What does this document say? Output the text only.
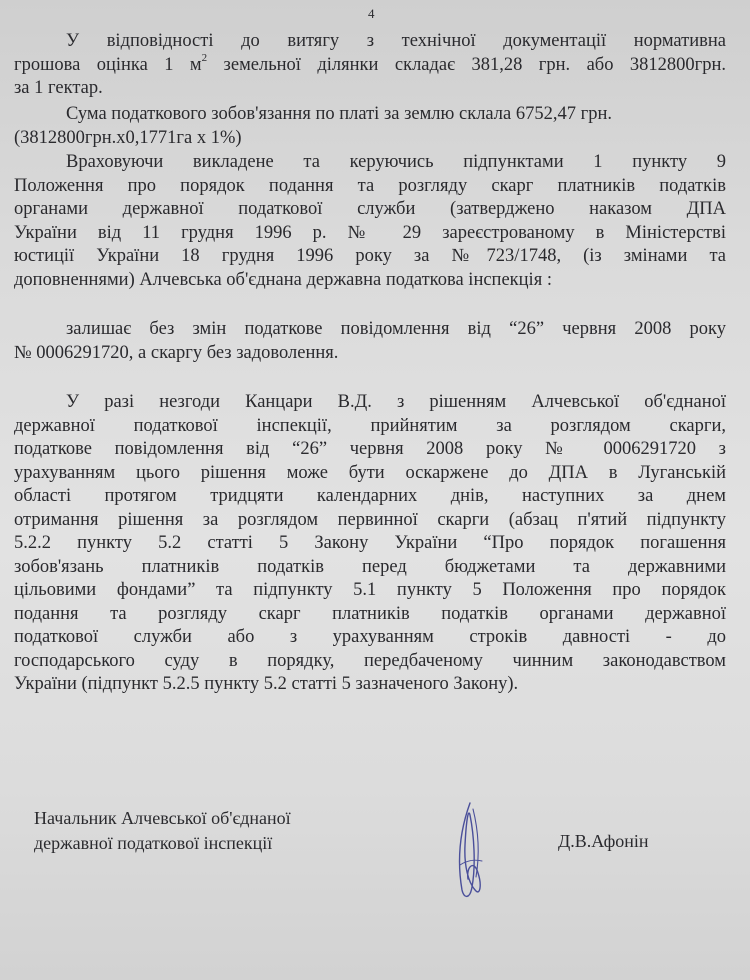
4
У відповідності до витягу з технічної документації нормативна
грошова оцінка 1 $м^2$ земельної ділянки складає 381,28 грн. або 3812800грн.
за 1 гектар.
Сума податкового зобов'язання по платі за землю склала 6752,47 грн.
(3812800грн.х0,1771га х 1%)
Враховуючи викладене та керуючись підпунктами 1 пункту 9
Положення про порядок подання та розгляду скарг платників податків
органами державної податкової служби (затверджено наказом ДПА
України від 11 грудня 1996 р. № 29 зареєстрованому в Міністерстві
юстиції України 18 грудня 1996 року за №723/1748, (із змінами та
доповненнями) Алчевська об'єднана державна податкова інспекція :
залишає без змін податкове повідомлення від “26” червня 2008 року
№ 0006291720, а скаргу без задоволення.
У разі незгоди Канцари В.Д. з рішенням Алчевської об'єднаної
державної податкової інспекції, прийнятим за розглядом скарги,
податкове повідомлення від “26” червня 2008 року № 0006291720 з
урахуванням цього рішення може бути оскаржене до ДПА в Луганській
області протягом тридцяти календарних днів, наступних за днем
отримання рішення за розглядом первинної скарги (абзац п'ятий підпункту
5.2.2 пункту 5.2 статті 5 Закону України “Про порядок погашення
зобов'язань платників податків перед бюджетами та державними
цільовими фондами” та підпункту 5.1 пункту 5 Положення про порядок
подання та розгляду скарг платників податків органами державної
податкової служби або з урахуванням строків давності - до
господарського суду в порядку, передбаченому чинним законодавством
України (підпункт 5.2.5 пункту 5.2 статті 5 зазначеного Закону).
Начальник Алчевської об'єднаної
державної податкової інспекції	Д.В.Афонін
